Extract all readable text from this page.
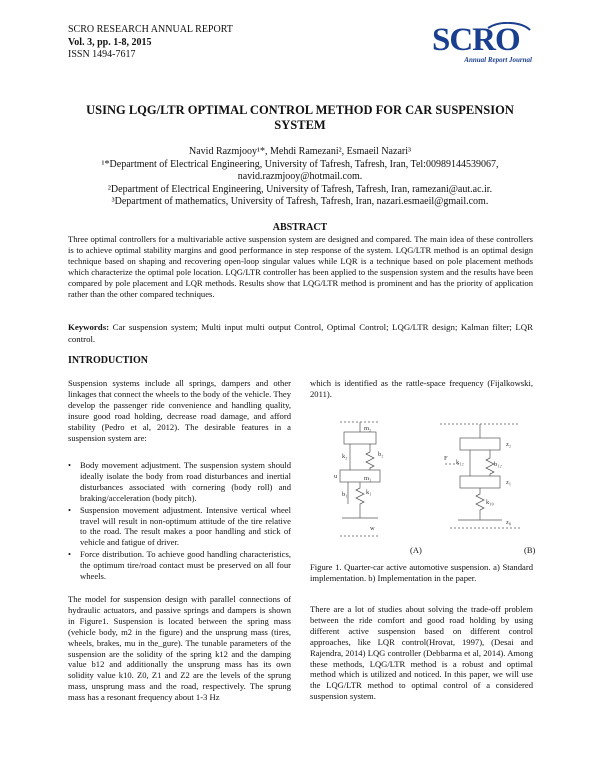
SCRO RESEARCH ANNUAL REPORT
Vol. 3, pp. 1-8, 2015
ISSN 1494-7617	SCRO
Annual Report Journal
USING LQG/LTR OPTIMAL CONTROL METHOD FOR CAR SUSPENSION
SYSTEM
Navid Razmjooy¹*, Mehdi Ramezani², Esmaeil Nazari³
¹*Department of Electrical Engineering, University of Tafresh, Tafresh, Iran, Tel:00989144539067,
navid.razmjooy@hotmail.com.
²Department of Electrical Engineering, University of Tafresh, Tafresh, Iran, ramezani@aut.ac.ir.
³Department of mathematics, University of Tafresh, Tafresh, Iran, nazari.esmaeil@gmail.com.
ABSTRACT
Three optimal controllers for a multivariable active suspension system are designed and compared. The main idea of these controllers is to achieve optimal stability margins and good performance in step response of the system. LQG/LTR method is an optimal design technique based on shaping and recovering open-loop singular values while LQR is a technique based on pole placement methods which characterize the optimal pole location. LQG/LTR controller has been applied to the suspension system and the results have been compared by pole placement and LQR methods. Results show that LQG/LTR method is prominent and has the priority of application rather than the other compared techniques.
Keywords: Car suspension system; Multi input multi output Control, Optimal Control; LQG/LTR design; Kalman filter; LQR control.
INTRODUCTION
Suspension systems include all springs, dampers and other linkages that connect the wheels to the body of the vehicle. They develop the passenger ride convenience and handling quality, insure good road holding, decrease road damage, and afford stability (Pedro et al, 2012). The desirable features in a suspension system are:
• Body movement adjustment. The suspension system should ideally isolate the body from road disturbances and inertial disturbances associated with cornering (body roll) and braking/acceleration (body pitch).
• Suspension movement adjustment. Intensive vertical wheel travel will result in non-optimum attitude of the tire relative to the road. The result makes a poor handling and stick of vehicle and fatigue of driver.
• Force distribution. To achieve good handling characteristics, the optimum tire/road contact must be preserved on all four wheels.
The model for suspension design with parallel connections of hydraulic actuators, and passive springs and dampers is shown in Figure1. Suspension is located between the spring mass (vehicle body, m2 in the figure) and the unsprung mass (tires, wheels, brakes, mu in the_gure). The tunable parameters of the suspension are the solidity of the spring k12 and the damping value b12 and additionally the unsprung mass has its own solidity value k10. Z0, Z1 and Z2 are the levels of the sprung mass, unsprung mass and the road, respectively. The sprung mass has a resonant frequency about 1-3 Hz
which is identified as the rattle-space frequency (Fijalkowski, 2011).
m₂
b₂
k₂
u	m₁
k₁
b₁
w
z₂
z₁
z₀
k₁₂	b₁₂
k₁₀
F
(A)	(B)
Figure 1. Quarter-car active automotive suspension. a) Standard implementation. b) Implementation in the paper.
There are a lot of studies about solving the trade-off problem between the ride comfort and good road holding by using different active suspension based on different control approaches, like LQR control(Hrovat, 1997), (Desai and Rajendra, 2014) LQG controller (Debbarma et al, 2014). Among these methods, LQG/LTR method is a robust and optimal method which is utilized and noticed. In this paper, we will use the LQG/LTR method to optimal control of a considered suspension system.
